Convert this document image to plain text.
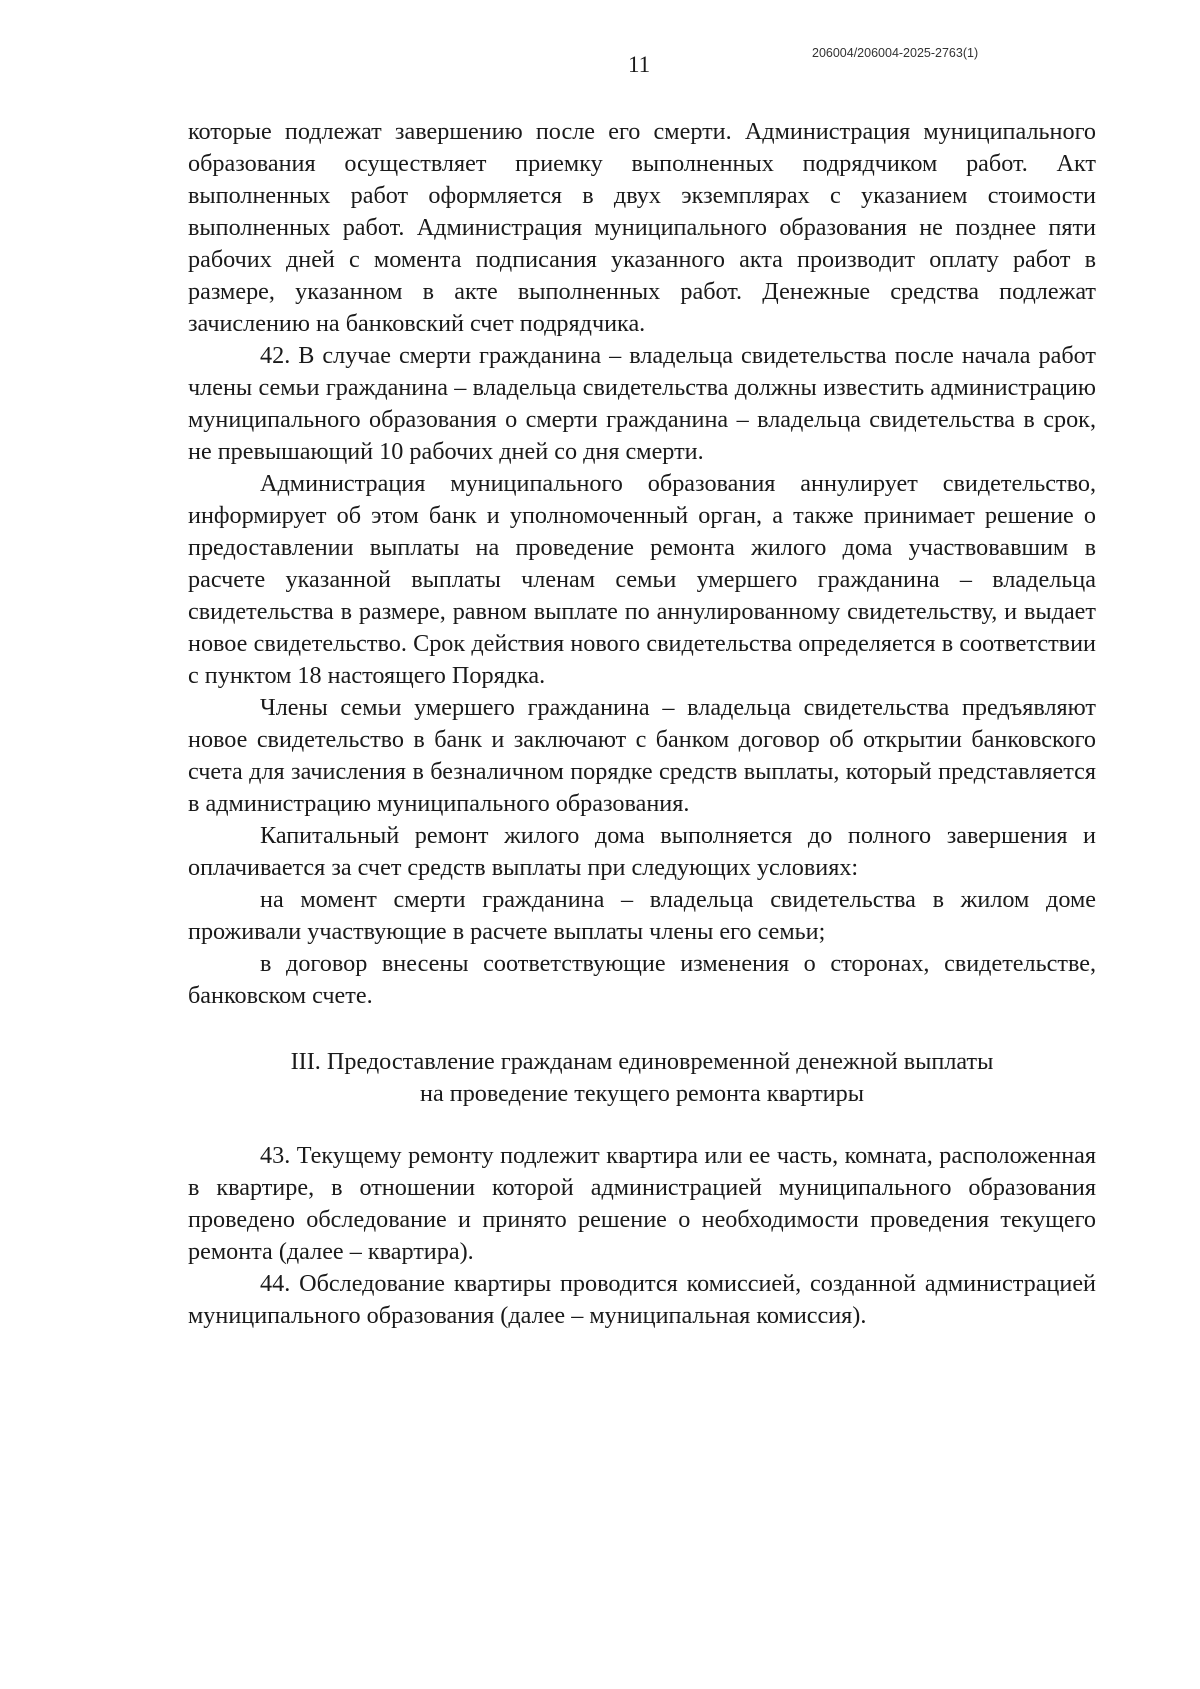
11	206004/206004-2025-2763(1)

которые подлежат завершению после его смерти. Администрация муниципального образования осуществляет приемку выполненных подрядчиком работ. Акт выполненных работ оформляется в двух экземплярах с указанием стоимости выполненных работ. Администрация муниципального образования не позднее пяти рабочих дней с момента подписания указанного акта производит оплату работ в размере, указанном в акте выполненных работ. Денежные средства подлежат зачислению на банковский счет подрядчика.

42. В случае смерти гражданина – владельца свидетельства после начала работ члены семьи гражданина – владельца свидетельства должны известить администрацию муниципального образования о смерти гражданина – владельца свидетельства в срок, не превышающий 10 рабочих дней со дня смерти.

Администрация муниципального образования аннулирует свидетельство, информирует об этом банк и уполномоченный орган, а также принимает решение о предоставлении выплаты на проведение ремонта жилого дома участвовавшим в расчете указанной выплаты членам семьи умершего гражданина – владельца свидетельства в размере, равном выплате по аннулированному свидетельству, и выдает новое свидетельство. Срок действия нового свидетельства определяется в соответствии с пунктом 18 настоящего Порядка.

Члены семьи умершего гражданина – владельца свидетельства предъявляют новое свидетельство в банк и заключают с банком договор об открытии банковского счета для зачисления в безналичном порядке средств выплаты, который представляется в администрацию муниципального образования.

Капитальный ремонт жилого дома выполняется до полного завершения и оплачивается за счет средств выплаты при следующих условиях:

на момент смерти гражданина – владельца свидетельства в жилом доме проживали участвующие в расчете выплаты члены его семьи;

в договор внесены соответствующие изменения о сторонах, свидетельстве, банковском счете.

III. Предоставление гражданам единовременной денежной выплаты
на проведение текущего ремонта квартиры

43. Текущему ремонту подлежит квартира или ее часть, комната, расположенная в квартире, в отношении которой администрацией муниципального образования проведено обследование и принято решение о необходимости проведения текущего ремонта (далее – квартира).

44. Обследование квартиры проводится комиссией, созданной администрацией муниципального образования (далее – муниципальная комиссия).
